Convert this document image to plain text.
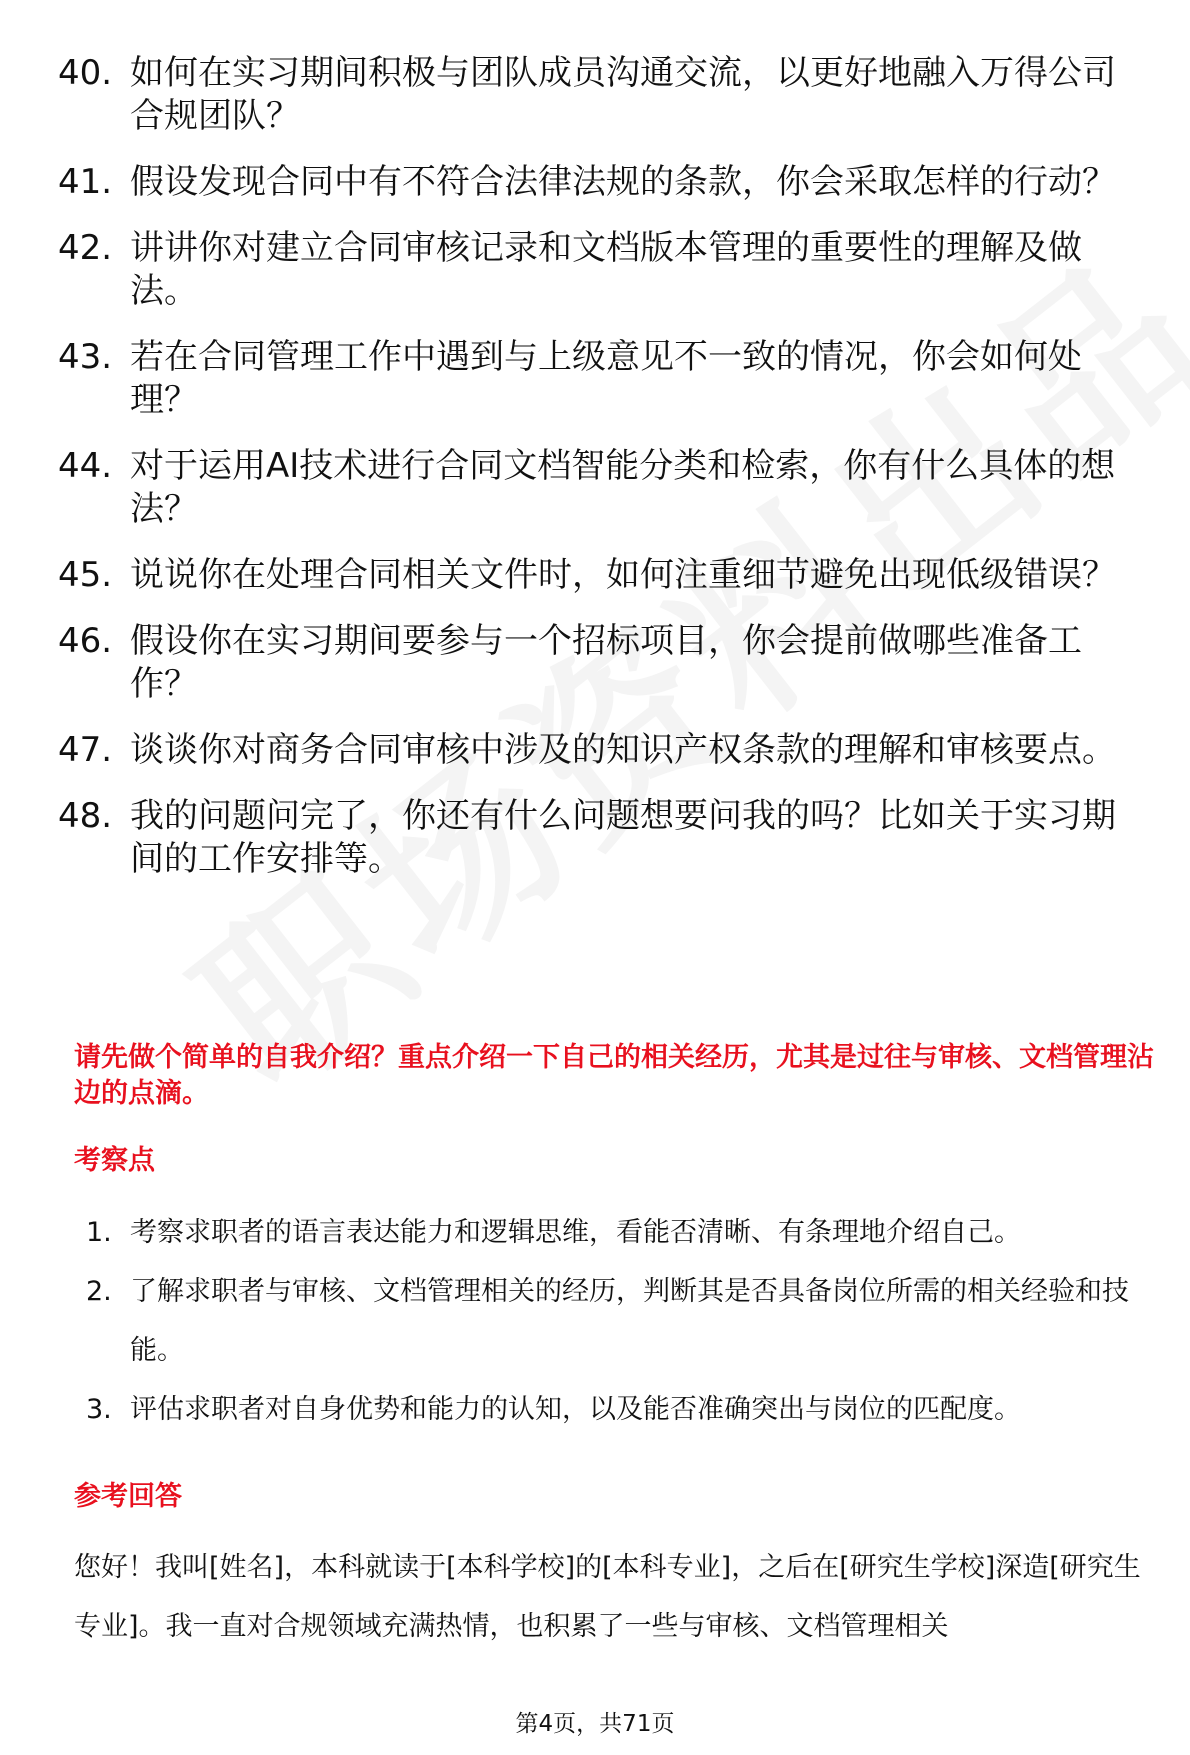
40. 如何在实习期间积极与团队成员沟通交流，以更好地融入万得公司合规团队？
41. 假设发现合同中有不符合法律法规的条款，你会采取怎样的行动？
42. 讲讲你对建立合同审核记录和文档版本管理的重要性的理解及做法。
43. 若在合同管理工作中遇到与上级意见不一致的情况，你会如何处理？
44. 对于运用AI技术进行合同文档智能分类和检索，你有什么具体的想法？
45. 说说你在处理合同相关文件时，如何注重细节避免出现低级错误？
46. 假设你在实习期间要参与一个招标项目，你会提前做哪些准备工作？
47. 谈谈你对商务合同审核中涉及的知识产权条款的理解和审核要点。
48. 我的问题问完了，你还有什么问题想要问我的吗？比如关于实习期间的工作安排等。
请先做个简单的自我介绍？重点介绍一下自己的相关经历，尤其是过往与审核、文档管理沾边的点滴。
考察点
1. 考察求职者的语言表达能力和逻辑思维，看能否清晰、有条理地介绍自己。
2. 了解求职者与审核、文档管理相关的经历，判断其是否具备岗位所需的相关经验和技能。
3. 评估求职者对自身优势和能力的认知，以及能否准确突出与岗位的匹配度。
参考回答
您好！我叫[姓名]，本科就读于[本科学校]的[本科专业]，之后在[研究生学校]深造[研究生专业]。我一直对合规领域充满热情，也积累了一些与审核、文档管理相关
第4页，共71页
